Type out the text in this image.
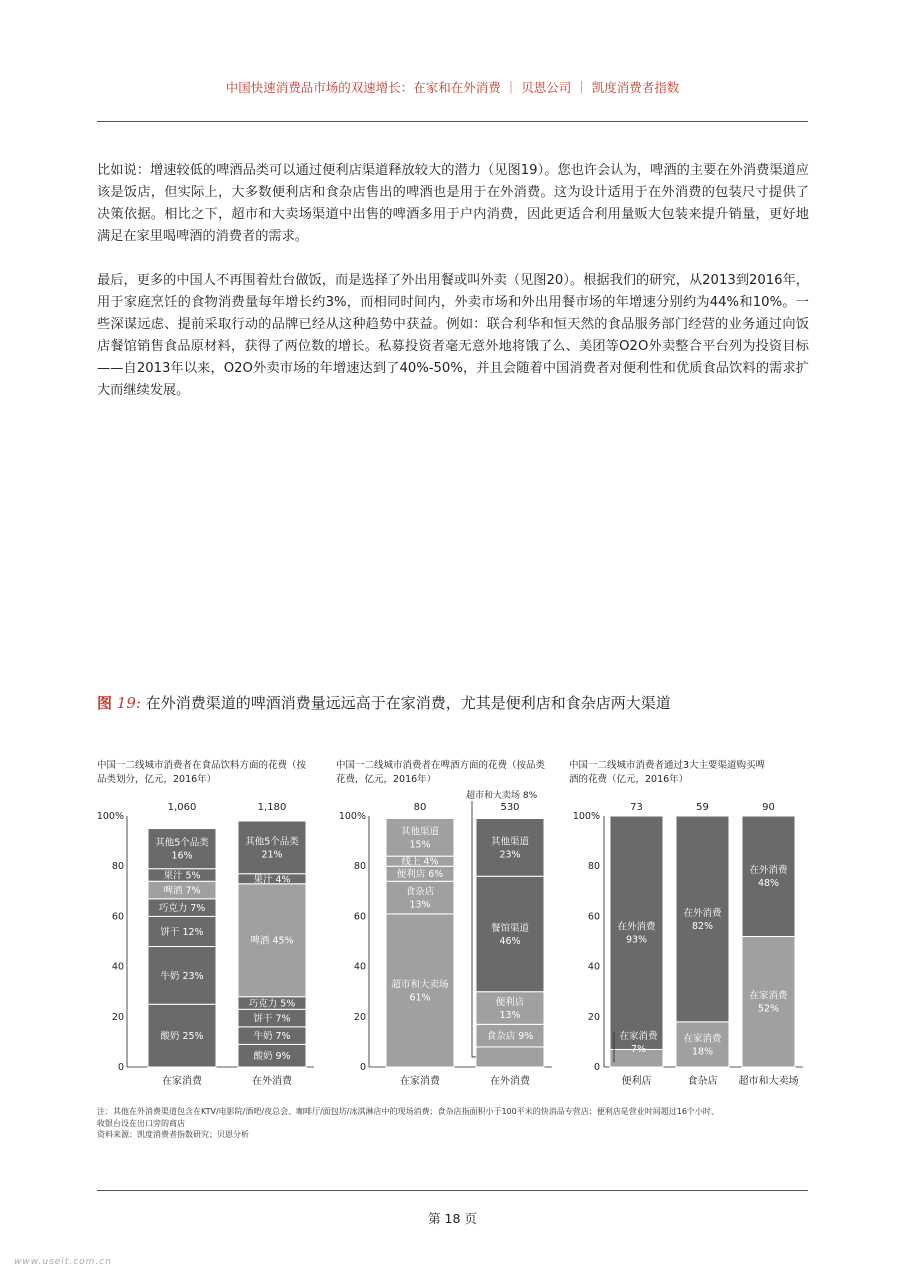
中国快速消费品市场的双速增长：在家和在外消费 ｜ 贝恩公司 ｜ 凯度消费者指数

比如说：增速较低的啤酒品类可以通过便利店渠道释放较大的潜力（见图19）。您也许会认为，啤酒的主要在外消费渠道应该是饭店，但实际上，大多数便利店和食杂店售出的啤酒也是用于在外消费。这为设计适用于在外消费的包装尺寸提供了决策依据。相比之下，超市和大卖场渠道中出售的啤酒多用于户内消费，因此更适合利用量贩大包装来提升销量，更好地满足在家里喝啤酒的消费者的需求。

最后，更多的中国人不再围着灶台做饭，而是选择了外出用餐或叫外卖（见图20）。根据我们的研究，从2013到2016年，用于家庭烹饪的食物消费量每年增长约3%，而相同时间内，外卖市场和外出用餐市场的年增速分别约为44%和10%。一些深谋远虑、提前采取行动的品牌已经从这种趋势中获益。例如：联合利华和恒天然的食品服务部门经营的业务通过向饭店餐馆销售食品原材料，获得了两位数的增长。私募投资者毫无意外地将饿了么、美团等O2O外卖整合平台列为投资目标——自2013年以来，O2O外卖市场的年增速达到了40%-50%，并且会随着中国消费者对便利性和优质食品饮料的需求扩大而继续发展。

图 19: 在外消费渠道的啤酒消费量远远高于在家消费，尤其是便利店和食杂店两大渠道
中国一二线城市消费者在食品饮料方面的花费（按品类划分，亿元，2016年）
中国一二线城市消费者在啤酒方面的花费（按品类花费，亿元，2016年）
中国一二线城市消费者通过3大主要渠道购买啤酒的花费（亿元，2016年）
0
20
40
60
80
100%
酸奶 25%
牛奶 23%
饼干 12%
巧克力 7%
啤酒 7%
果汁 5%
其他5个品类
16%
1,060
在家消费
酸奶 9%
牛奶 7%
饼干 7%
巧克力 5%
啤酒 45%
果汁 4%
其他5个品类
21%
1,180
在外消费
0
20
40
60
80
100%
超市和大卖场
61%
食杂店
13%
便利店 6%
线上 4%
其他渠道
15%
80
在家消费
食杂店 9%
便利店
13%
餐馆渠道
46%
其他渠道
23%
530
在外消费
超市和大卖场 8%
0
20
40
60
80
100%
在家消费
7%
在外消费
93%
73
便利店
在家消费
18%
在外消费
82%
59
食杂店
在家消费
52%
在外消费
48%
90
超市和大卖场
注：其他在外消费渠道包含在KTV/电影院/酒吧/夜总会、咖啡厅/面包坊/冰淇淋店中的现场消费；食杂店指面积小于100平米的快消品专营店；便利店是营业时间超过16个小时、
收银台设在出口旁的商店
资料来源：凯度消费者指数研究；贝恩分析
第 18 页
www.useit.com.cn
